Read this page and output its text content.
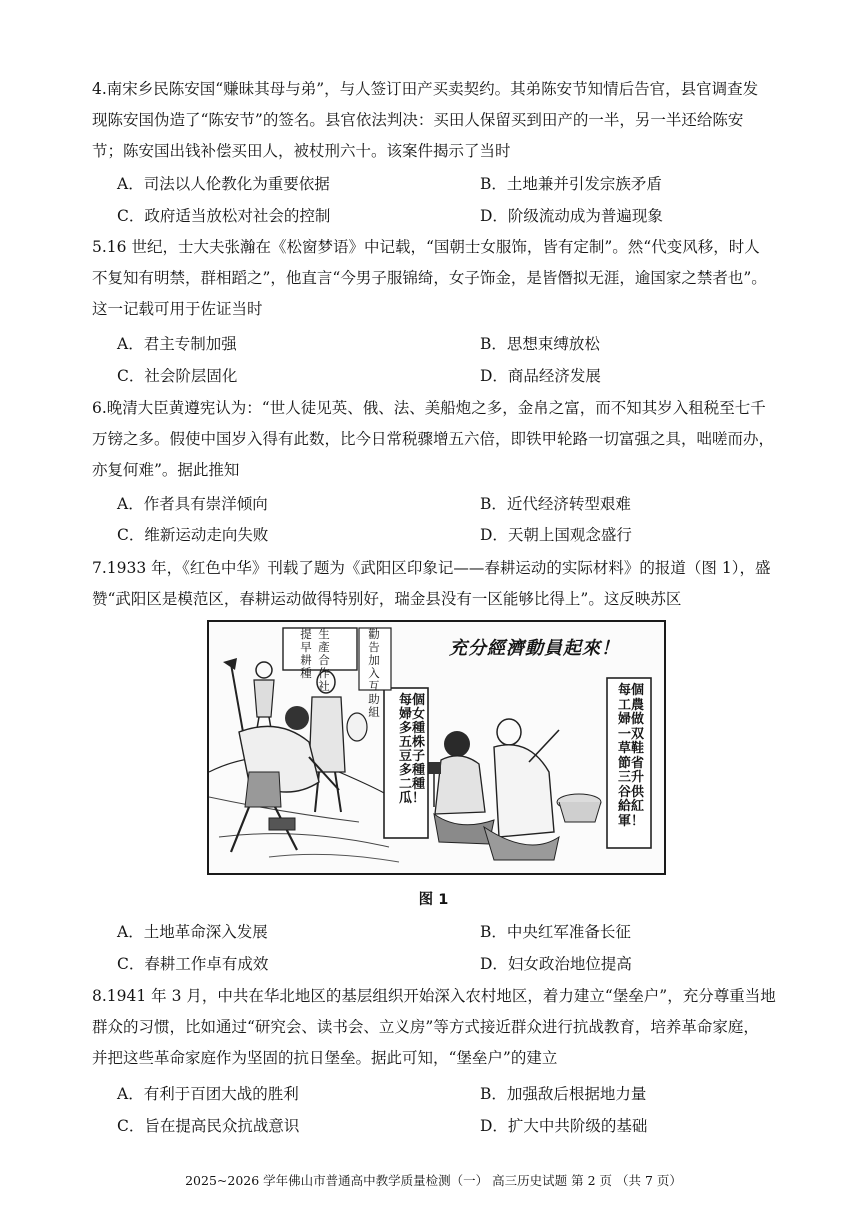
4.南宋乡民陈安国“赚昧其母与弟”，与人签订田产买卖契约。其弟陈安节知情后告官，县官调查发
现陈安国伪造了“陈安节”的签名。县官依法判决：买田人保留买到田产的一半，另一半还给陈安
节；陈安国出钱补偿买田人，被杖刑六十。该案件揭示了当时

A．司法以人伦教化为重要依据	B．土地兼并引发宗族矛盾
C．政府适当放松对社会的控制	D．阶级流动成为普遍现象

5.16 世纪，士大夫张瀚在《松窗梦语》中记载，“国朝士女服饰，皆有定制”。然“代变风移，时人
不复知有明禁，群相蹈之”，他直言“今男子服锦绮，女子饰金，是皆僭拟无涯，逾国家之禁者也”。
这一记载可用于佐证当时

A．君主专制加强	B．思想束缚放松
C．社会阶层固化	D．商品经济发展

6.晚清大臣黄遵宪认为：“世人徒见英、俄、法、美船炮之多，金帛之富，而不知其岁入租税至七千
万镑之多。假使中国岁入得有此数，比今日常税骤增五六倍，即铁甲轮路一切富强之具，咄嗟而办，
亦复何难”。据此推知

A．作者具有崇洋倾向	B．近代经济转型艰难
C．维新运动走向失败	D．天朝上国观念盛行

7.1933 年，《红色中华》刊载了题为《武阳区印象记——春耕运动的实际材料》的报道（图 1），盛
赞“武阳区是模范区，春耕运动做得特别好，瑞金县没有一区能够比得上”。这反映苏区

生產合作社
提早耕種
勸告加入互助組
充分經濟動員起來！
每個婦女多種五株豆子多種二種瓜！
每個工農婦做一双草鞋節省三升谷供給紅軍！
图 1
A．土地革命深入发展	B．中央红军准备长征
C．春耕工作卓有成效	D．妇女政治地位提高

8.1941 年 3 月，中共在华北地区的基层组织开始深入农村地区，着力建立“堡垒户”，充分尊重当地
群众的习惯，比如通过“研究会、读书会、立义房”等方式接近群众进行抗战教育，培养革命家庭，
并把这些革命家庭作为坚固的抗日堡垒。据此可知，“堡垒户”的建立

A．有利于百团大战的胜利	B．加强敌后根据地力量
C．旨在提高民众抗战意识	D．扩大中共阶级的基础
2025~2026 学年佛山市普通高中教学质量检测（一） 高三历史试题 第 2 页 （共 7 页）
